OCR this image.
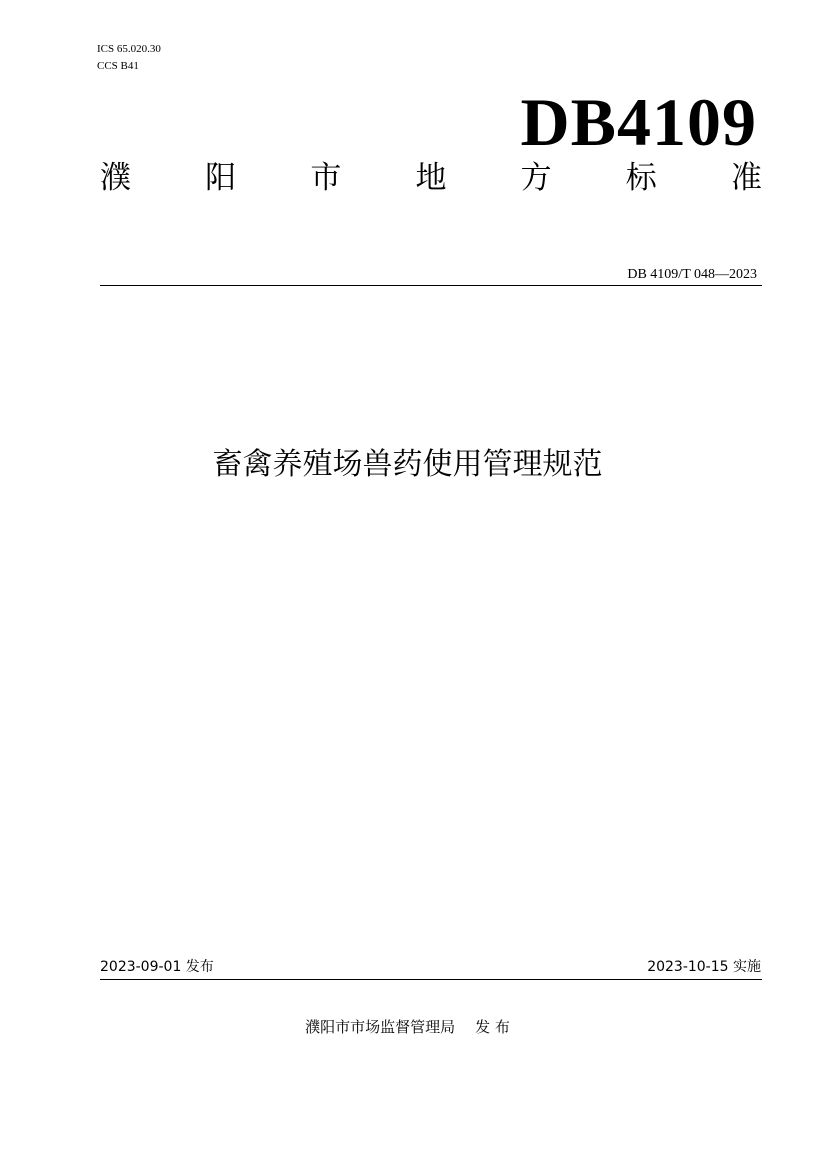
ICS 65.020.30
CCS B41
DB4109
濮 阳 市 地 方 标 准
DB 4109/T 048—2023
畜禽养殖场兽药使用管理规范
2023-09-01 发布	2023-10-15 实施
濮阳市市场监督管理局 发 布
